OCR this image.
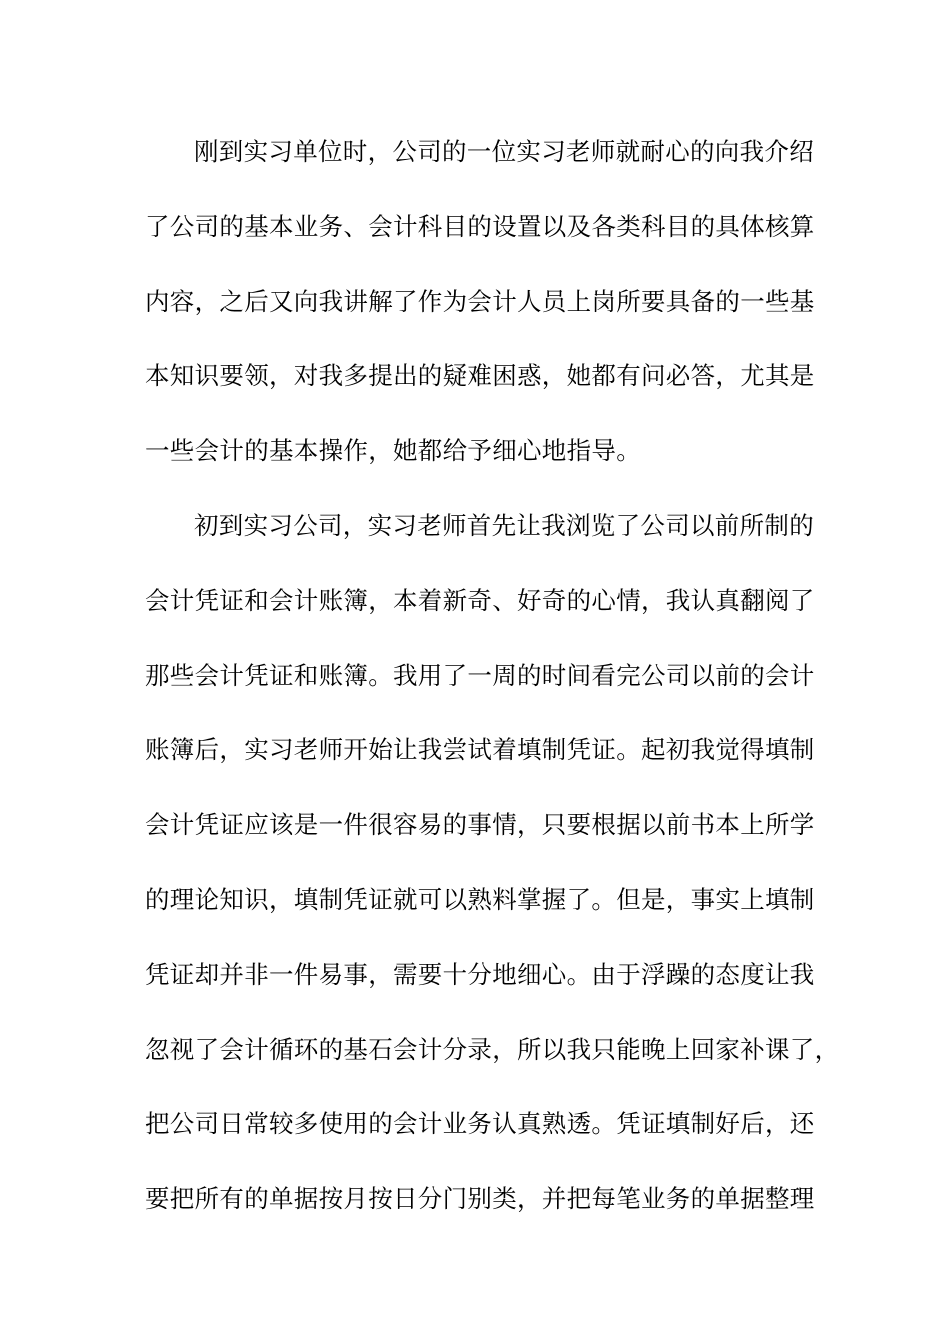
刚到实习单位时，公司的一位实习老师就耐心的向我介绍
了公司的基本业务、会计科目的设置以及各类科目的具体核算
内容，之后又向我讲解了作为会计人员上岗所要具备的一些基
本知识要领，对我多提出的疑难困惑，她都有问必答，尤其是
一些会计的基本操作，她都给予细心地指导。
初到实习公司，实习老师首先让我浏览了公司以前所制的
会计凭证和会计账簿，本着新奇、好奇的心情，我认真翻阅了
那些会计凭证和账簿。我用了一周的时间看完公司以前的会计
账簿后，实习老师开始让我尝试着填制凭证。起初我觉得填制
会计凭证应该是一件很容易的事情，只要根据以前书本上所学
的理论知识，填制凭证就可以熟料掌握了。但是，事实上填制
凭证却并非一件易事，需要十分地细心。由于浮躁的态度让我
忽视了会计循环的基石会计分录，所以我只能晚上回家补课了，
把公司日常较多使用的会计业务认真熟透。凭证填制好后，还
要把所有的单据按月按日分门别类，并把每笔业务的单据整理
